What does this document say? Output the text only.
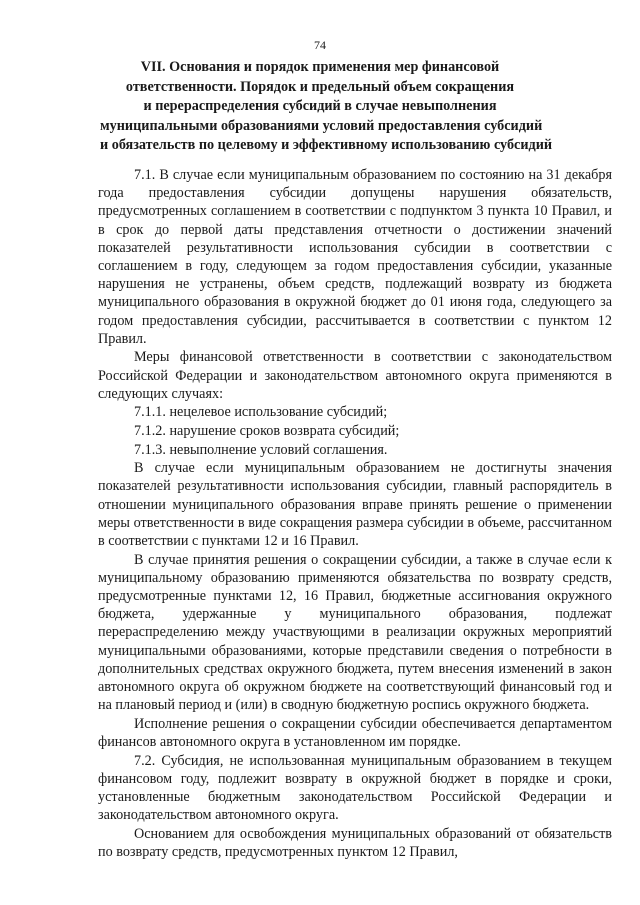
74
VII. Основания и порядок применения мер финансовой
ответственности. Порядок и предельный объем сокращения
и перераспределения субсидий в случае невыполнения
муниципальными образованиями условий предоставления субсидий
и обязательств по целевому и эффективному использованию субсидий

7.1. В случае если муниципальным образованием по состоянию на 31 декабря года предоставления субсидии допущены нарушения обязательств, предусмотренных соглашением в соответствии с подпунктом 3 пункта 10 Правил, и в срок до первой даты представления отчетности о достижении значений показателей результативности использования субсидии в соответствии с соглашением в году, следующем за годом предоставления субсидии, указанные нарушения не устранены, объем средств, подлежащий возврату из бюджета муниципального образования в окружной бюджет до 01 июня года, следующего за годом предоставления субсидии, рассчитывается в соответствии с пунктом 12 Правил.

Меры финансовой ответственности в соответствии с законодательством Российской Федерации и законодательством автономного округа применяются в следующих случаях:

7.1.1. нецелевое использование субсидий;

7.1.2. нарушение сроков возврата субсидий;

7.1.3. невыполнение условий соглашения.

В случае если муниципальным образованием не достигнуты значения показателей результативности использования субсидии, главный распорядитель в отношении муниципального образования вправе принять решение о применении меры ответственности в виде сокращения размера субсидии в объеме, рассчитанном в соответствии с пунктами 12 и 16 Правил.

В случае принятия решения о сокращении субсидии, а также в случае если к муниципальному образованию применяются обязательства по возврату средств, предусмотренные пунктами 12, 16 Правил, бюджетные ассигнования окружного бюджета, удержанные у муниципального образования, подлежат перераспределению между участвующими в реализации окружных мероприятий муниципальными образованиями, которые представили сведения о потребности в дополнительных средствах окружного бюджета, путем внесения изменений в закон автономного округа об окружном бюджете на соответствующий финансовый год и на плановый период и (или) в сводную бюджетную роспись окружного бюджета.

Исполнение решения о сокращении субсидии обеспечивается департаментом финансов автономного округа в установленном им порядке.

7.2. Субсидия, не использованная муниципальным образованием в текущем финансовом году, подлежит возврату в окружной бюджет в порядке и сроки, установленные бюджетным законодательством Российской Федерации и законодательством автономного округа.

Основанием для освобождения муниципальных образований от обязательств по возврату средств, предусмотренных пунктом 12 Правил,
